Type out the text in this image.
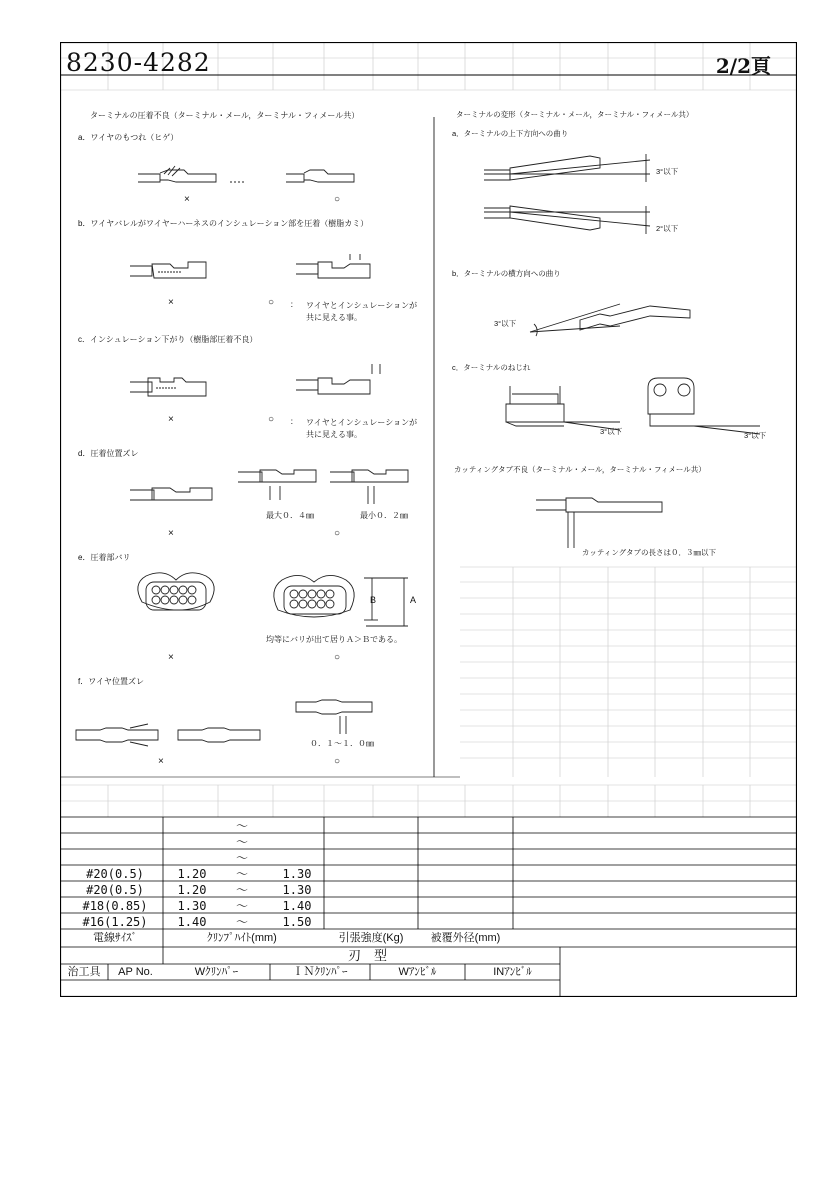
8230-4282	2/2頁
ターミナルの圧着不良（ターミナル・メール，ターミナル・フィメール共）
a．ワイヤのもつれ（ヒゲ）
×	○
b．ワイヤバレルがワイヤーハーネスのインシュレーション部を圧着（樹脂カミ）
×	○ ： ワイヤとインシュレーションが
共に見える事。
c．インシュレーション下がり（樹脂部圧着不良）
×	○ ： ワイヤとインシュレーションが
共に見える事。
d．圧着位置ズレ
最大０．４㎜	最小０．２㎜
×	○
e．圧着部バリ
B	A
均等にバリが出て居りＡ＞Ｂである。
×	○
f．ワイヤ位置ズレ
０．１～１．０㎜
×	○
ターミナルの変形（ターミナル・メール，ターミナル・フィメール共）
a．ターミナルの上下方向への曲り
3°以下
2°以下
b．ターミナルの横方向への曲り
3°以下
c．ターミナルのねじれ
3°以下	3°以下
カッティングタブ不良（ターミナル・メール，ターミナル・フィメール共）
カッティングタブの長さは０．３㎜以下
～
～
～
#20(0.5)	1.20	～	1.30
#20(0.5)	1.20	～	1.30
#18(0.85)	1.30	～	1.40
#16(1.25)	1.40	～	1.50
電線ｻｲｽﾞ	ｸﾘﾝﾌﾟﾊｲﾄ(mm)	引張強度(Kg)	被覆外径(mm)
刃　型
治工具	AP No.	Wｸﾘﾝﾊﾟｰ	ＩＮｸﾘﾝﾊﾟｰ	Wｱﾝﾋﾞﾙ	INｱﾝﾋﾞﾙ
